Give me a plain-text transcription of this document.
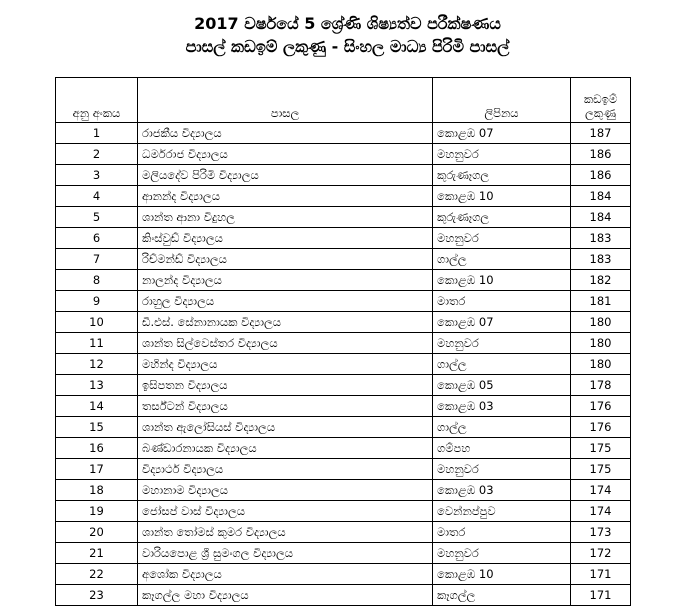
2017 වර්ෂයේ 5 ශ්‍රේණි ශිෂ්‍යත්ව පරීක්ෂණය
පාසල් කඩඉම් ලකුණු - සිංහල මාධ්‍ය පිරිමි පාසල්
අනු අංකය	පාසල	ලිපිනය	කඩඉම් ලකුණු
1	රාජකීය විද්‍යාලය	කොළඹ 07	187
2	ධර්මරාජ විද්‍යාලය	මහනුවර	186
3	මලියදේව පිරිමි විද්‍යාලය	කුරුණෑගල	186
4	ආනන්ද විද්‍යාලය	කොළඹ 10	184
5	ශාන්ත ආනා විදුහල	කුරුණෑගල	184
6	කිංස්වුඩ් විද්‍යාලය	මහනුවර	183
7	රිච්මන්ඩ් විද්‍යාලය	ගාල්ල	183
8	නාලන්ද විද්‍යාලය	කොළඹ 10	182
9	රාහුල විද්‍යාලය	මාතර	181
10	ඩී.එස්. සේනානායක විද්‍යාලය	කොළඹ 07	180
11	ශාන්ත සිල්වෙස්තර විද්‍යාලය	මහනුවර	180
12	මහින්ද විද්‍යාලය	ගාල්ල	180
13	ඉසිපතන විද්‍යාලය	කොළඹ 05	178
14	තර්ස්ටන් විද්‍යාලය	කොළඹ 03	176
15	ශාන්ත ඇලෝසියස් විද්‍යාලය	ගාල්ල	176
16	බණ්ඩාරනායක විද්‍යාලය	ගම්පහ	175
17	විද්‍යාර්ථ විද්‍යාලය	මහනුවර	175
18	මහානාම විද්‍යාලය	කොළඹ 03	174
19	ජෝසප් වාස් විද්‍යාලය	වෙන්නප්පුව	174
20	ශාන්ත තෝමස් කුමර විද්‍යාලය	මාතර	173
21	වාරියපොළ ශ්‍රී සුමංගල විද්‍යාලය	මහනුවර	172
22	අශෝක විද්‍යාලය	කොළඹ 10	171
23	කෑගල්ල මහා විද්‍යාලය	කෑගල්ල	171
